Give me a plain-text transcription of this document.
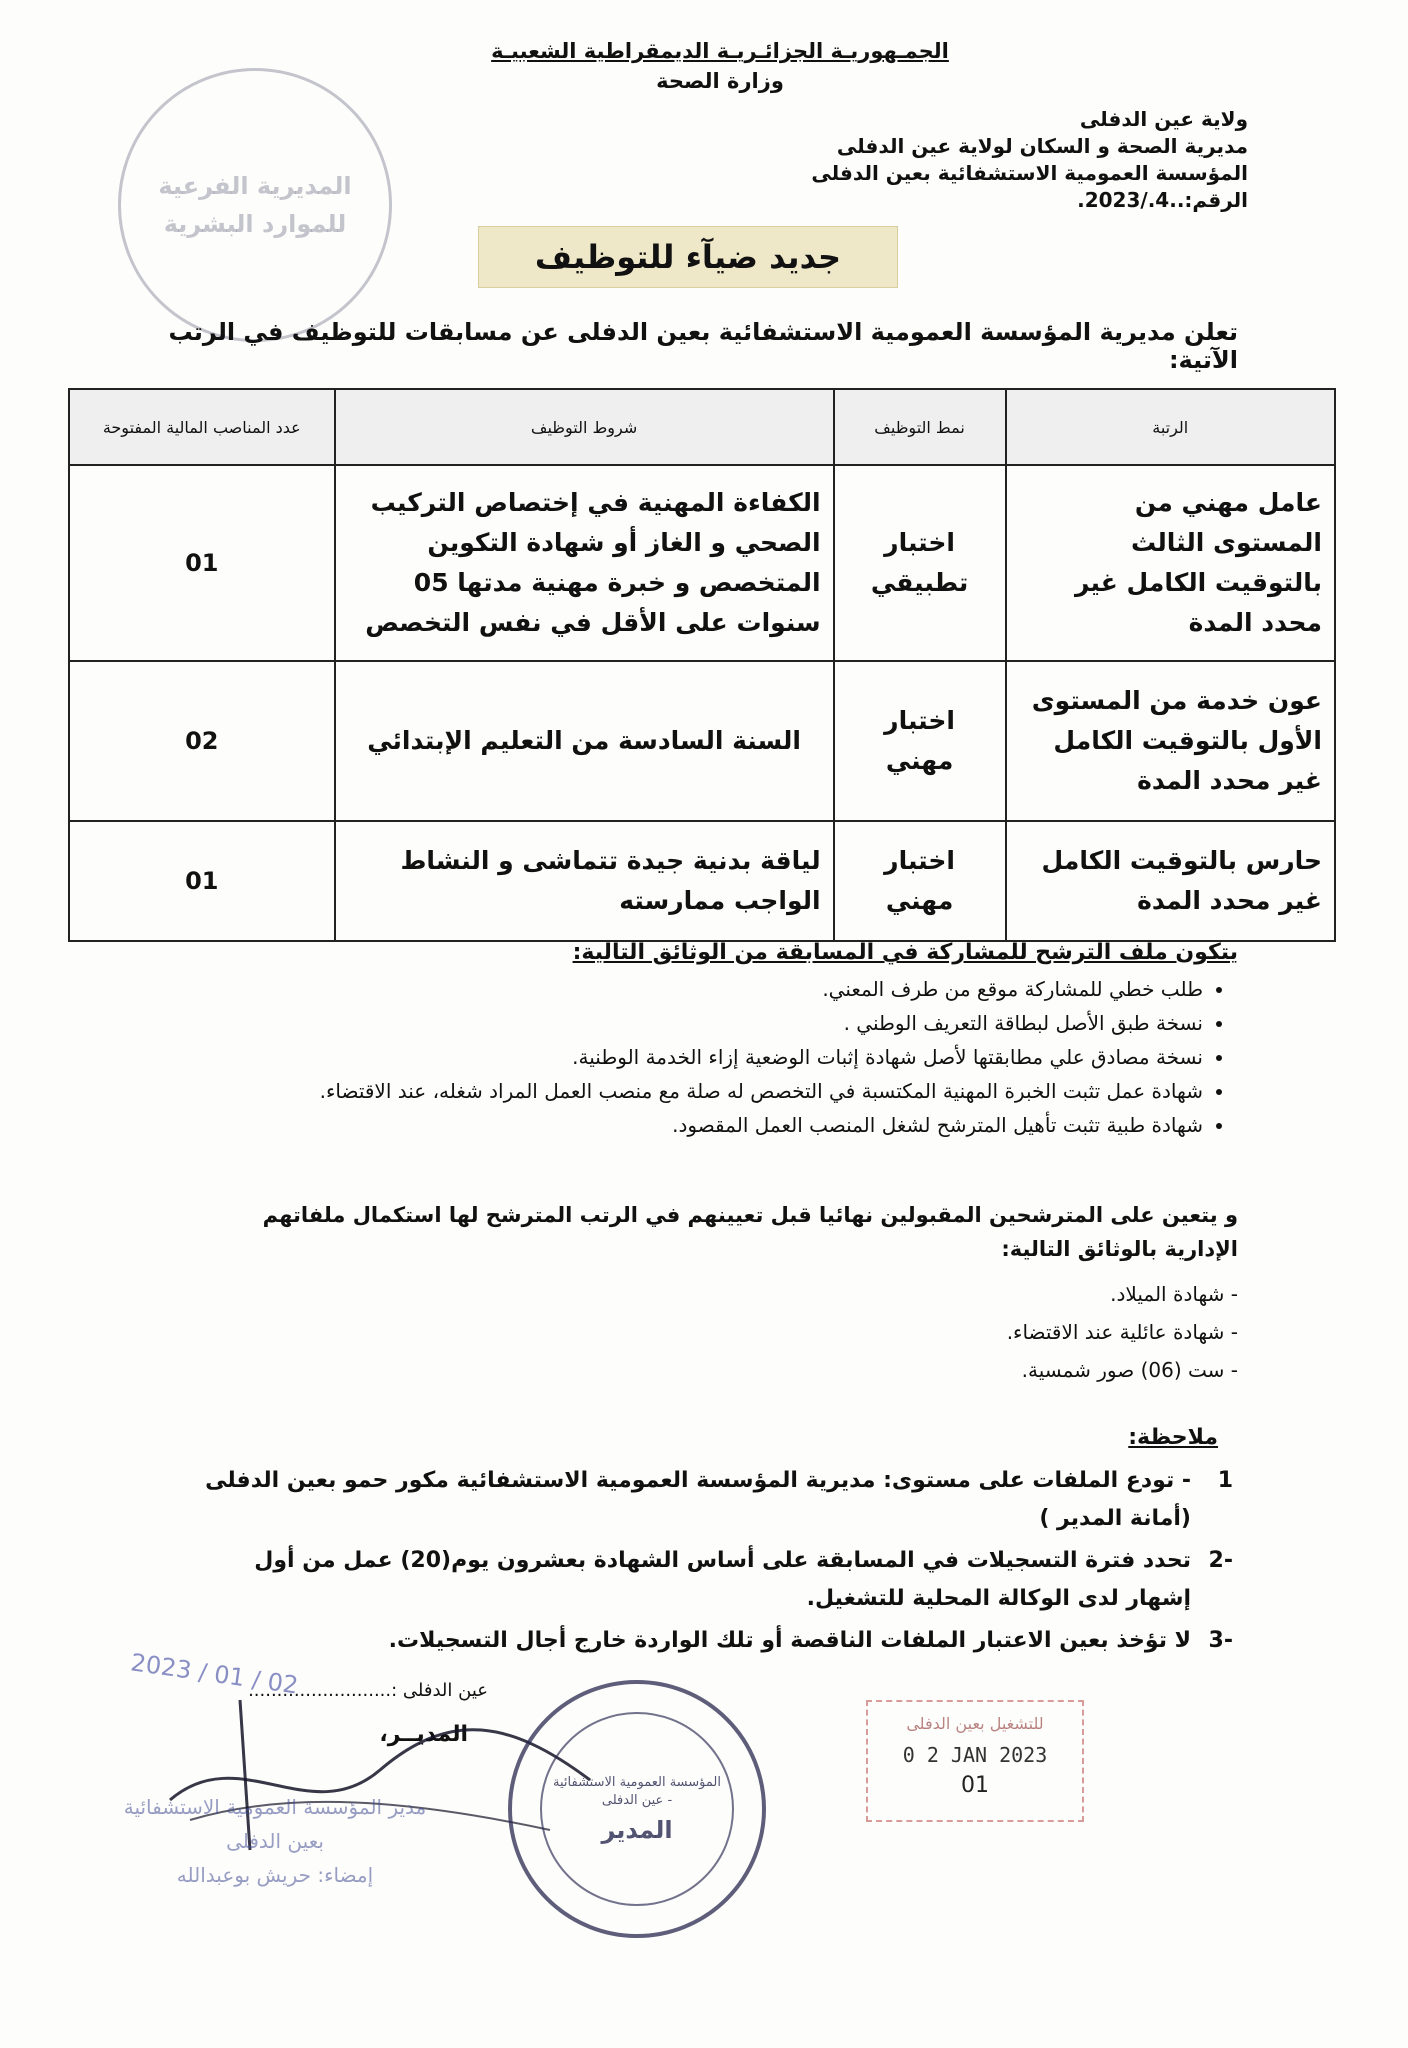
المديرية الفرعية
للموارد البشرية
الجمـهوريـة الجزائـريـة الديمقراطية الشعبيـة
وزارة الصحة
ولاية عين الدفلى
مديرية الصحة و السكان لولاية عين الدفلى
المؤسسة العمومية الاستشفائية بعين الدفلى
الرقم:..4./2023.
جديد ضيآء للتوظيف
تعلن مديرية المؤسسة العمومية الاستشفائية بعين الدفلى عن مسابقات للتوظيف في الرتب الآتية:
الرتبة	نمط التوظيف	شروط التوظيف	عدد المناصب المالية المفتوحة
عامل مهني من المستوى الثالث بالتوقيت الكامل غير محدد المدة	اختبار تطبيقي	الكفاءة المهنية في إختصاص التركيب الصحي و الغاز أو شهادة التكوين المتخصص و خبرة مهنية مدتها 05 سنوات على الأقل في نفس التخصص	01
عون خدمة من المستوى الأول بالتوقيت الكامل غير محدد المدة	اختبار مهني	السنة السادسة من التعليم الإبتدائي	02
حارس بالتوقيت الكامل غير محدد المدة	اختبار مهني	لياقة بدنية جيدة تتماشى و النشاط الواجب ممارسته	01
يتكون ملف الترشح للمشاركة في المسابقة من الوثائق التالية:
• طلب خطي للمشاركة موقع من طرف المعني.
• نسخة طبق الأصل لبطاقة التعريف الوطني .
• نسخة مصادق علي مطابقتها لأصل شهادة إثبات الوضعية إزاء الخدمة الوطنية.
• شهادة عمل تثبت الخبرة المهنية المكتسبة في التخصص له صلة مع منصب العمل المراد شغله، عند الاقتضاء.
• شهادة طبية تثبت تأهيل المترشح لشغل المنصب العمل المقصود.
و يتعين على المترشحين المقبولين نهائيا قبل تعيينهم في الرتب المترشح لها استكمال ملفاتهم الإدارية بالوثائق التالية:
- شهادة الميلاد.
- شهادة عائلية عند الاقتضاء.
- ست (06) صور شمسية.
ملاحظة:
1
- تودع الملفات على مستوى: مديرية المؤسسة العمومية الاستشفائية مكور حمو بعين الدفلى (أمانة المدير )
-2
تحدد فترة التسجيلات في المسابقة على أساس الشهادة بعشرون يوم(20) عمل من أول إشهار لدى الوكالة المحلية للتشغيل.
-3
لا تؤخذ بعين الاعتبار الملفات الناقصة أو تلك الواردة خارج أجال التسجيلات.
عين الدفلى :.........................
2023 / 01 / 02
المديــر،
مدير المؤسسة العمومية الاستشفائية
بعين الدفلى
إمضاء: حريش بوعبدالله
المؤسسة العمومية الاستشفائية - عين الدفلى
المدير
للتشغيل بعين الدفلى
0 2 JAN 2023
01
